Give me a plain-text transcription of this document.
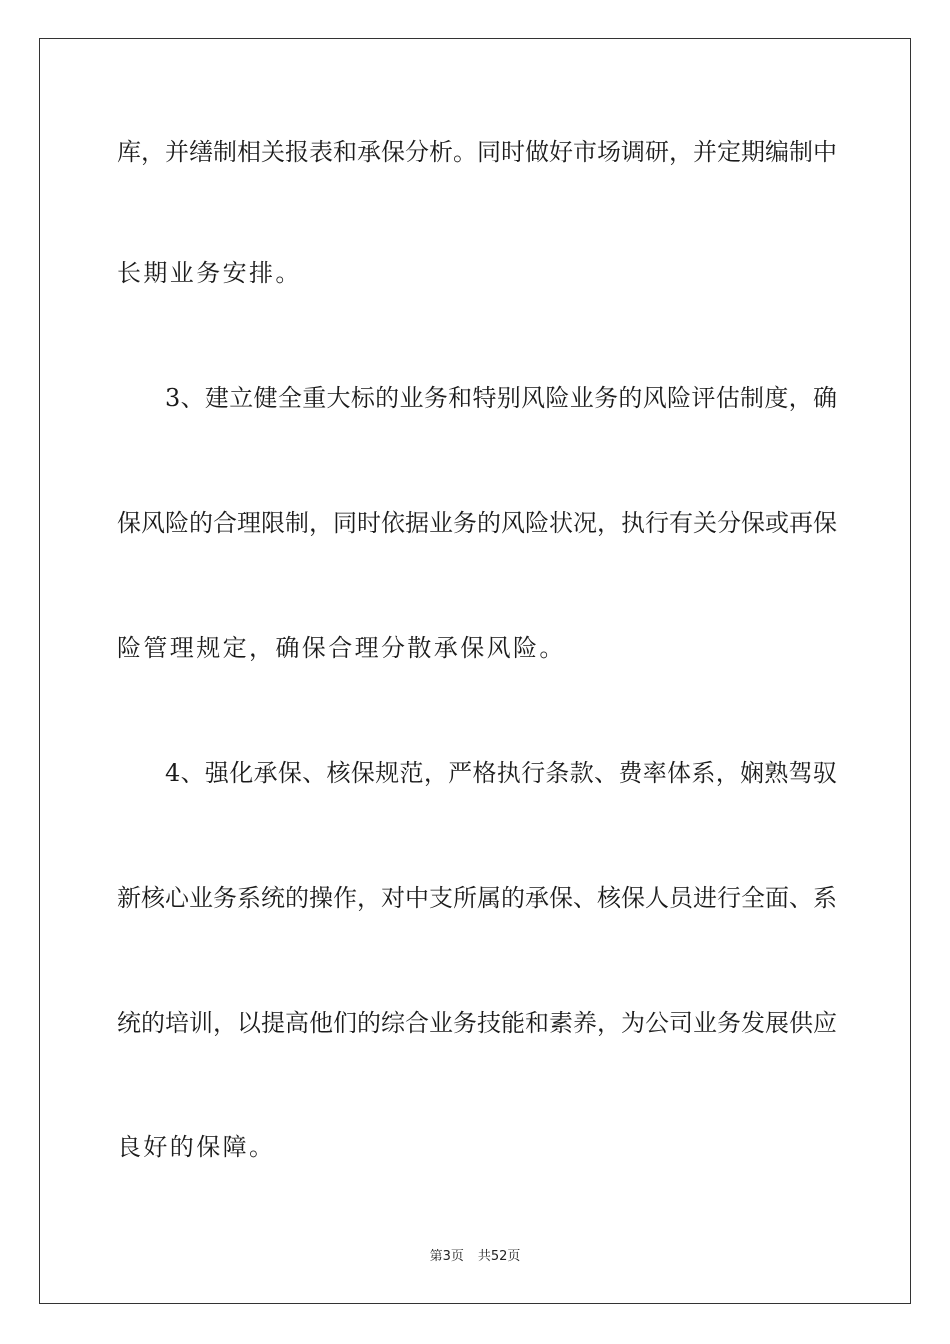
库，并缮制相关报表和承保分析。同时做好市场调研，并定期编制中
长期业务安排。
3、建立健全重大标的业务和特别风险业务的风险评估制度，确
保风险的合理限制，同时依据业务的风险状况，执行有关分保或再保
险管理规定，确保合理分散承保风险。
4、强化承保、核保规范，严格执行条款、费率体系，娴熟驾驭
新核心业务系统的操作，对中支所属的承保、核保人员进行全面、系
统的培训，以提高他们的综合业务技能和素养，为公司业务发展供应
良好的保障。
第3页 共52页
